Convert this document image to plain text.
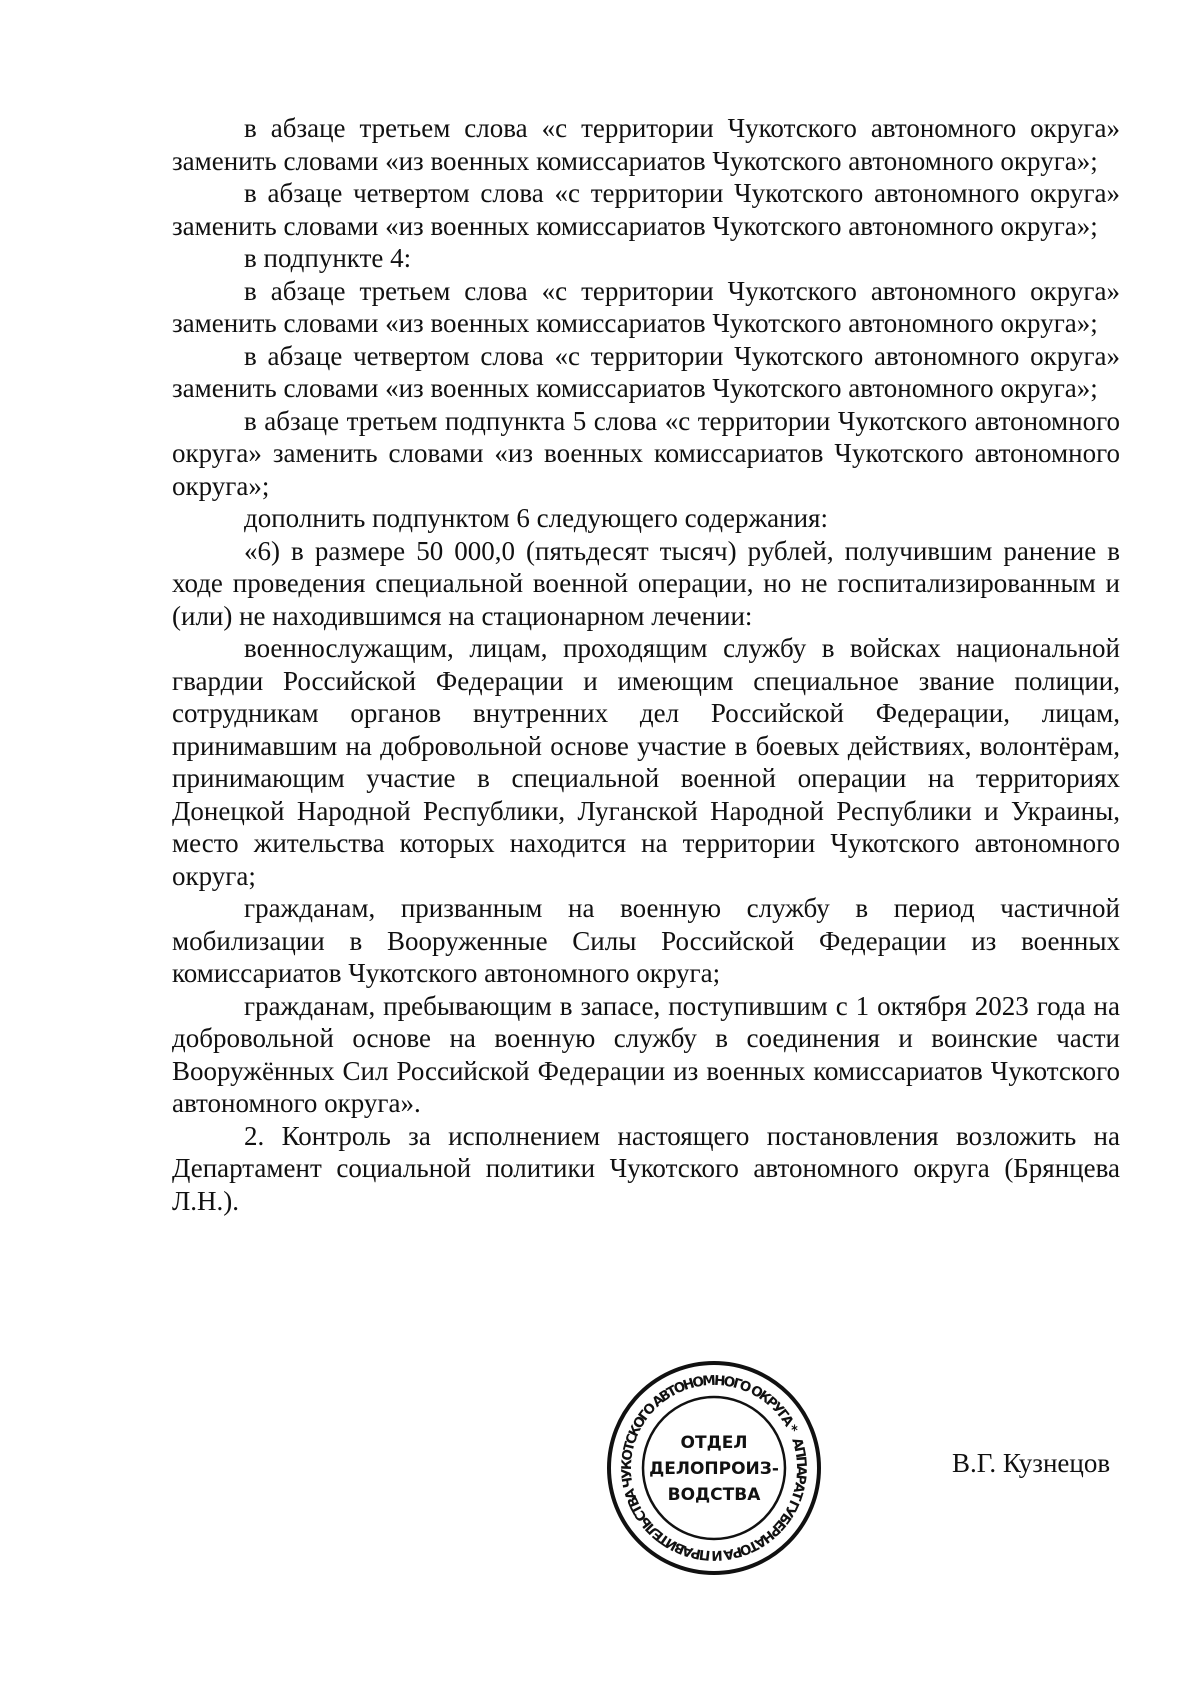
в абзаце третьем слова «с территории Чукотского автономного округа» заменить словами «из военных комиссариатов Чукотского автономного округа»;

в абзаце четвертом слова «с территории Чукотского автономного округа» заменить словами «из военных комиссариатов Чукотского автономного округа»;

в подпункте 4:

в абзаце третьем слова «с территории Чукотского автономного округа» заменить словами «из военных комиссариатов Чукотского автономного округа»;

в абзаце четвертом слова «с территории Чукотского автономного округа» заменить словами «из военных комиссариатов Чукотского автономного округа»;

в абзаце третьем подпункта 5 слова «с территории Чукотского автономного округа» заменить словами «из военных комиссариатов Чукотского автономного округа»;

дополнить подпунктом 6 следующего содержания:

«6) в размере 50 000,0 (пятьдесят тысяч) рублей, получившим ранение в ходе проведения специальной военной операции, но не госпитализированным и (или) не находившимся на стационарном лечении:

военнослужащим, лицам, проходящим службу в войсках национальной гвардии Российской Федерации и имеющим специальное звание полиции, сотрудникам органов внутренних дел Российской Федерации, лицам, принимавшим на добровольной основе участие в боевых действиях, волонтёрам, принимающим участие в специальной военной операции на территориях Донецкой Народной Республики, Луганской Народной Республики и Украины, место жительства которых находится на территории Чукотского автономного округа;

гражданам, призванным на военную службу в период частичной мобилизации в Вооруженные Силы Российской Федерации из военных комиссариатов Чукотского автономного округа;

гражданам, пребывающим в запасе, поступившим с 1 октября 2023 года на добровольной основе на военную службу в соединения и воинские части Вооружённых Сил Российской Федерации из военных комиссариатов Чукотского автономного округа».

2. Контроль за исполнением настоящего постановления возложить на Департамент социальной политики Чукотского автономного округа (Брянцева Л.Н.).

АППАРАТ ГУБЕРНАТОРА И ПРАВИТЕЛЬСТВА ЧУКОТСКОГО АВТОНОМНОГО ОКРУГА *
ОТДЕЛ
ДЕЛОПРОИЗ-
ВОДСТВА
В.Г. Кузнецов
